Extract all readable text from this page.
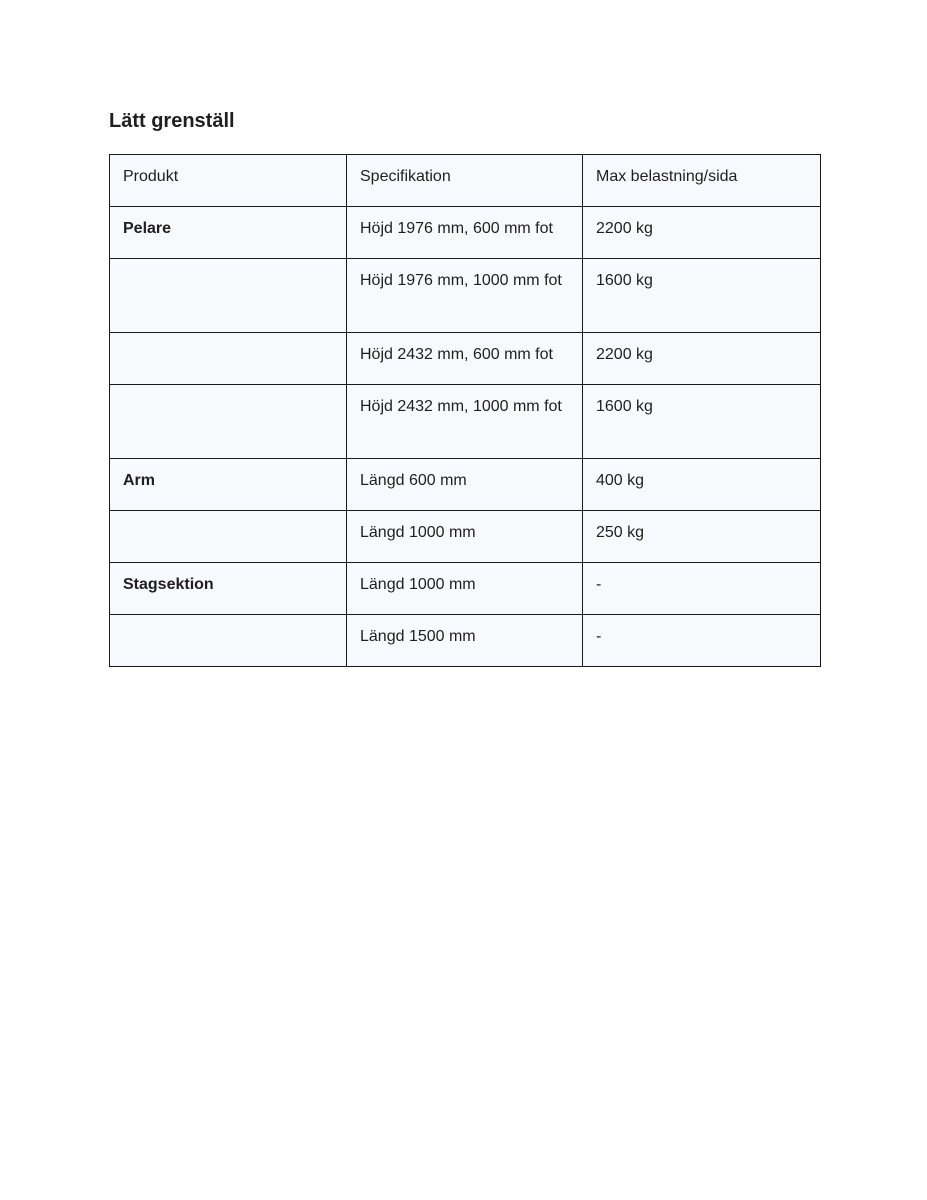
Lätt grenställ
Produkt	Specifikation	Max belastning/sida
Pelare	Höjd 1976 mm, 600 mm fot	2200 kg
	Höjd 1976 mm, 1000 mm fot	1600 kg
	Höjd 2432 mm, 600 mm fot	2200 kg
	Höjd 2432 mm, 1000 mm fot	1600 kg
Arm	Längd 600 mm	400 kg
	Längd 1000 mm	250 kg
Stagsektion	Längd 1000 mm	-
	Längd 1500 mm	-
